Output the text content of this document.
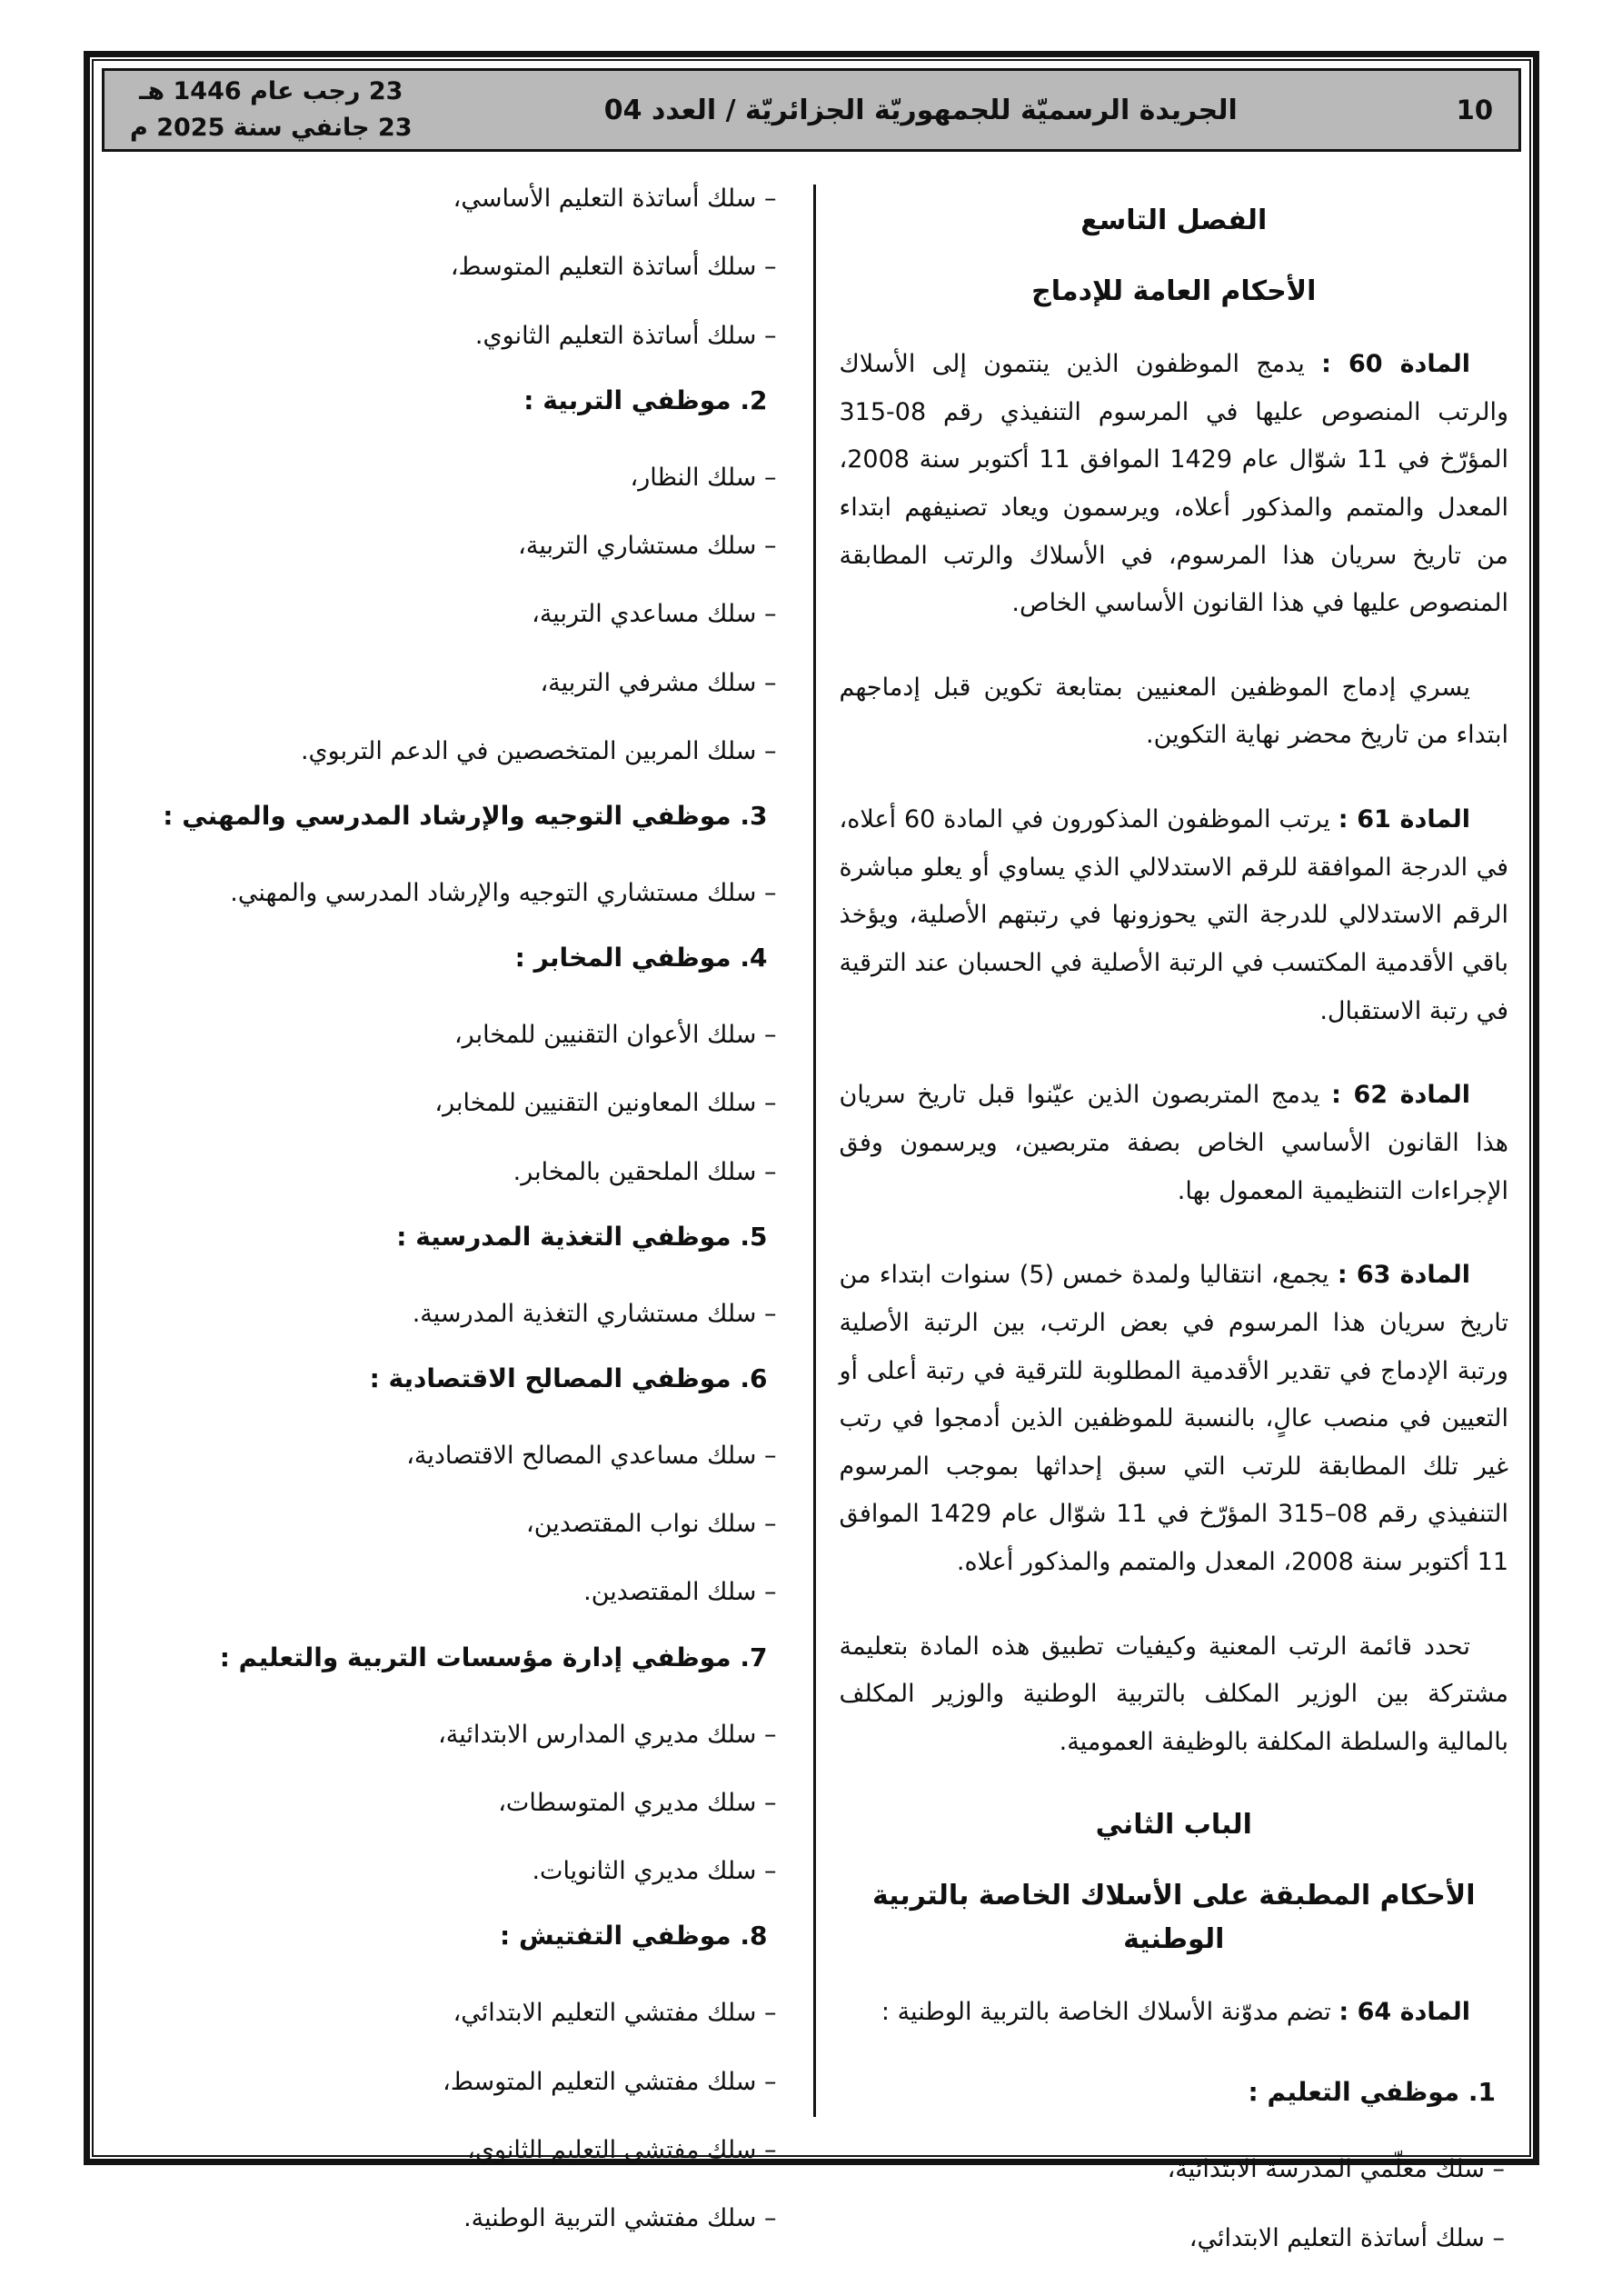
10
الجريدة الرسميّة للجمهوريّة الجزائريّة / العدد 04
23 رجب عام 1446 هـ
23 جانفي سنة 2025 م
الفصل التاسع
الأحكام العامة للإدماج
المادة 60 : يدمج الموظفون الذين ينتمون إلى الأسلاك والرتب المنصوص عليها في المرسوم التنفيذي رقم 08-315 المؤرّخ في 11 شوّال عام 1429 الموافق 11 أكتوبر سنة 2008، المعدل والمتمم والمذكور أعلاه، ويرسمون ويعاد تصنيفهم ابتداء من تاريخ سريان هذا المرسوم، في الأسلاك والرتب المطابقة المنصوص عليها في هذا القانون الأساسي الخاص.
يسري إدماج الموظفين المعنيين بمتابعة تكوين قبل إدماجهم ابتداء من تاريخ محضر نهاية التكوين.
المادة 61 : يرتب الموظفون المذكورون في المادة 60 أعلاه، في الدرجة الموافقة للرقم الاستدلالي الذي يساوي أو يعلو مباشرة الرقم الاستدلالي للدرجة التي يحوزونها في رتبتهم الأصلية، ويؤخذ باقي الأقدمية المكتسب في الرتبة الأصلية في الحسبان عند الترقية في رتبة الاستقبال.
المادة 62 : يدمج المتربصون الذين عيّنوا قبل تاريخ سريان هذا القانون الأساسي الخاص بصفة متربصين، ويرسمون وفق الإجراءات التنظيمية المعمول بها.
المادة 63 : يجمع، انتقاليا ولمدة خمس (5) سنوات ابتداء من تاريخ سريان هذا المرسوم في بعض الرتب، بين الرتبة الأصلية ورتبة الإدماج في تقدير الأقدمية المطلوبة للترقية في رتبة أعلى أو التعيين في منصب عالٍ، بالنسبة للموظفين الذين أدمجوا في رتب غير تلك المطابقة للرتب التي سبق إحداثها بموجب المرسوم التنفيذي رقم 08–315 المؤرّخ في 11 شوّال عام 1429 الموافق 11 أكتوبر سنة 2008، المعدل والمتمم والمذكور أعلاه.
تحدد قائمة الرتب المعنية وكيفيات تطبيق هذه المادة بتعليمة مشتركة بين الوزير المكلف بالتربية الوطنية والوزير المكلف بالمالية والسلطة المكلفة بالوظيفة العمومية.
الباب الثاني
الأحكام المطبقة على الأسلاك الخاصة بالتربية الوطنية
المادة 64 : تضم مدوّنة الأسلاك الخاصة بالتربية الوطنية :
1. موظفي التعليم :
– سلك معلّمي المدرسة الابتدائية،
– سلك أساتذة التعليم الابتدائي،
– سلك أساتذة التعليم الأساسي،
– سلك أساتذة التعليم المتوسط،
– سلك أساتذة التعليم الثانوي.
2. موظفي التربية :
– سلك النظار،
– سلك مستشاري التربية،
– سلك مساعدي التربية،
– سلك مشرفي التربية،
– سلك المربين المتخصصين في الدعم التربوي.
3. موظفي التوجيه والإرشاد المدرسي والمهني :
– سلك مستشاري التوجيه والإرشاد المدرسي والمهني.
4. موظفي المخابر :
– سلك الأعوان التقنيين للمخابر،
– سلك المعاونين التقنيين للمخابر،
– سلك الملحقين بالمخابر.
5. موظفي التغذية المدرسية :
– سلك مستشاري التغذية المدرسية.
6. موظفي المصالح الاقتصادية :
– سلك مساعدي المصالح الاقتصادية،
– سلك نواب المقتصدين،
– سلك المقتصدين.
7. موظفي إدارة مؤسسات التربية والتعليم :
– سلك مديري المدارس الابتدائية،
– سلك مديري المتوسطات،
– سلك مديري الثانويات.
8. موظفي التفتيش :
– سلك مفتشي التعليم الابتدائي،
– سلك مفتشي التعليم المتوسط،
– سلك مفتشي التعليم الثانوي،
– سلك مفتشي التربية الوطنية.
